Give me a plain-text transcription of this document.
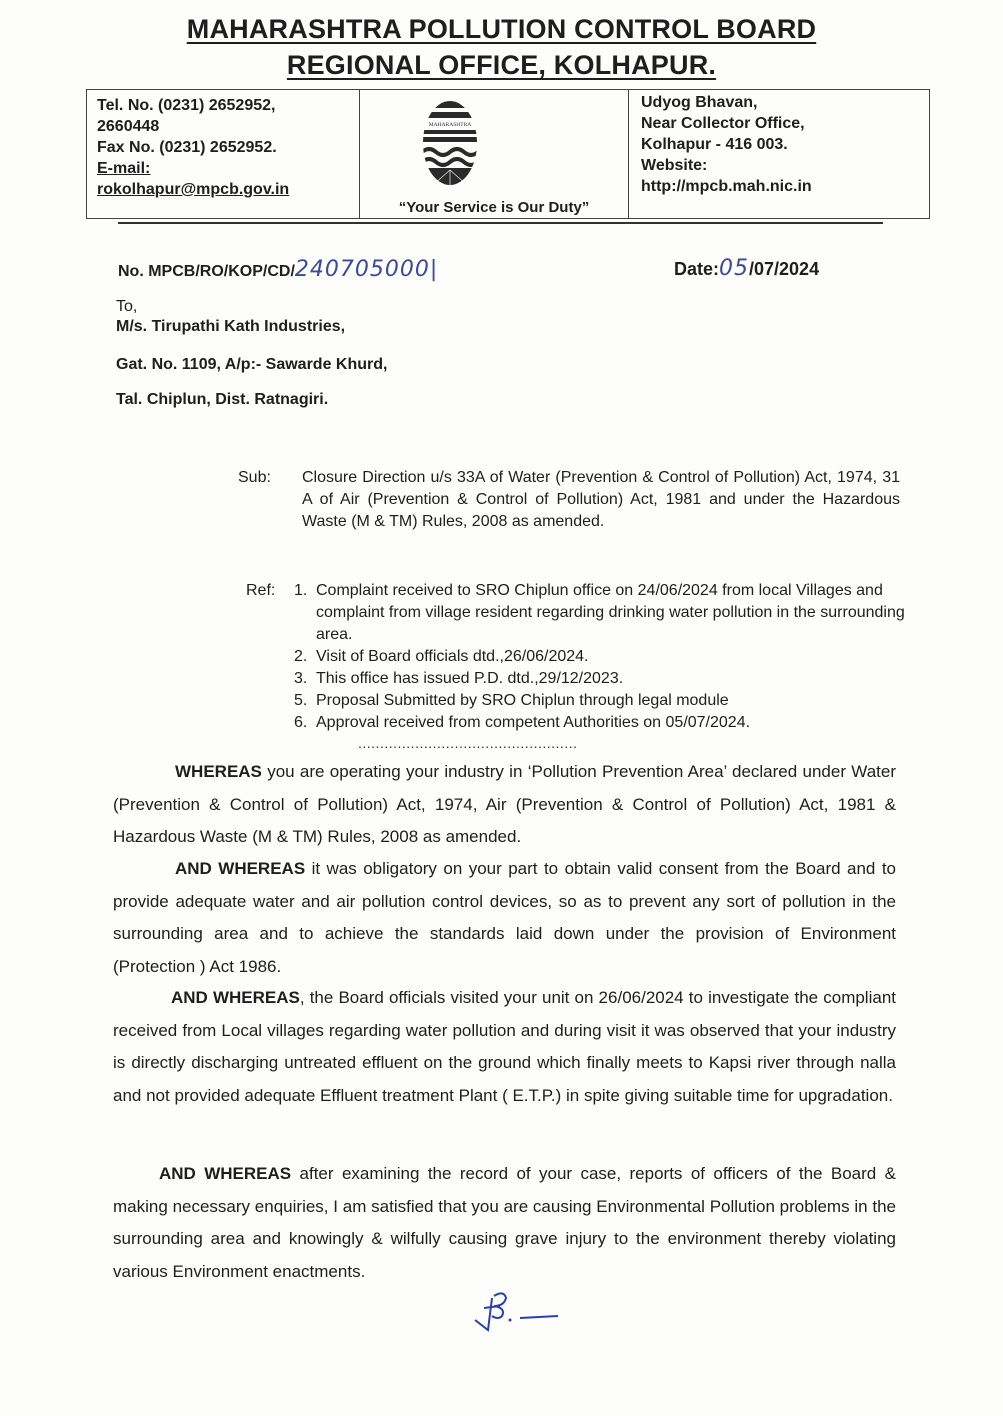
MAHARASHTRA POLLUTION CONTROL BOARD
REGIONAL OFFICE, KOLHAPUR.
Tel. No. (0231) 2652952,
2660448
Fax No. (0231) 2652952.
E-mail:
rokolhapur@mpcb.gov.in
MAHARASHTRA
“Your Service is Our Duty”
Udyog Bhavan,
Near Collector Office,
Kolhapur - 416 003.
Website:
http://mpcb.mah.nic.in
No. MPCB/RO/KOP/CD/240705000|	Date:05/07/2024
To,
M/s. Tirupathi Kath Industries,
Gat. No. 1109, A/p:- Sawarde Khurd,
Tal. Chiplun, Dist. Ratnagiri.
Sub:	Closure Direction u/s 33A of Water (Prevention & Control of Pollution) Act, 1974, 31 A of Air (Prevention & Control of Pollution) Act, 1981 and under the Hazardous Waste (M & TM) Rules, 2008 as amended.
Ref:	1. Complaint received to SRO Chiplun office on 24/06/2024 from local Villages and complaint from village resident regarding drinking water pollution in the surrounding area.
2. Visit of Board officials dtd.,26/06/2024.
3. This office has issued P.D. dtd.,29/12/2023.
5. Proposal Submitted by SRO Chiplun through legal module
6. Approval received from competent Authorities on 05/07/2024.
..................................................
WHEREAS you are operating your industry in ‘Pollution Prevention Area’ declared under Water (Prevention & Control of Pollution) Act, 1974, Air (Prevention & Control of Pollution) Act, 1981 & Hazardous Waste (M & TM) Rules, 2008 as amended.
AND WHEREAS it was obligatory on your part to obtain valid consent from the Board and to provide adequate water and air pollution control devices, so as to prevent any sort of pollution in the surrounding area and to achieve the standards laid down under the provision of Environment (Protection ) Act 1986.
AND WHEREAS, the Board officials visited your unit on 26/06/2024 to investigate the compliant received from Local villages regarding water pollution and during visit it was observed that your industry is directly discharging untreated effluent on the ground which finally meets to Kapsi river through nalla and not provided adequate Effluent treatment Plant ( E.T.P.) in spite giving suitable time for upgradation.
AND WHEREAS after examining the record of your case, reports of officers of the Board & making necessary enquiries, I am satisfied that you are causing Environmental Pollution problems in the surrounding area and knowingly & wilfully causing grave injury to the environment thereby violating various Environment enactments.
